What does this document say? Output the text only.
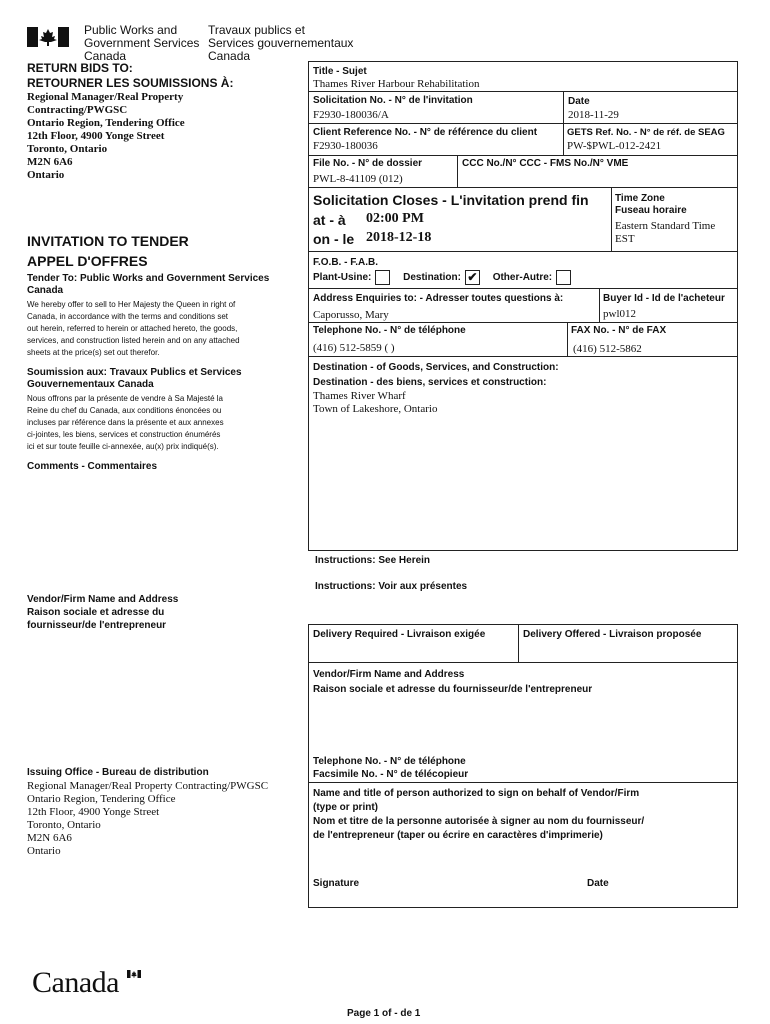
Public Works and
Government Services
Canada
Travaux publics et
Services gouvernementaux
Canada
RETURN BIDS TO:
RETOURNER LES SOUMISSIONS À:
Regional Manager/Real Property
Contracting/PWGSC
Ontario Region, Tendering Office
12th Floor, 4900 Yonge Street
Toronto, Ontario
M2N 6A6
Ontario
INVITATION TO TENDER
APPEL D'OFFRES
Tender To: Public Works and Government Services
Canada
We hereby offer to sell to Her Majesty the Queen in right of
Canada, in accordance with the terms and conditions set
out herein, referred to herein or attached hereto, the goods,
services, and construction listed herein and on any attached
sheets at the price(s) set out therefor.
Soumission aux: Travaux Publics et Services
Gouvernementaux Canada
Nous offrons par la présente de vendre à Sa Majesté la
Reine du chef du Canada, aux conditions énoncées ou
incluses par référence dans la présente et aux annexes
ci-jointes, les biens, services et construction énumérés
ici et sur toute feuille ci-annexée, au(x) prix indiqué(s).
Comments - Commentaires
Vendor/Firm Name and Address
Raison sociale et adresse du
fournisseur/de l'entrepreneur
Issuing Office - Bureau de distribution
Regional Manager/Real Property Contracting/PWGSC
Ontario Region, Tendering Office
12th Floor, 4900 Yonge Street
Toronto, Ontario
M2N 6A6
Ontario
Title - Sujet
Thames River Harbour Rehabilitation
Solicitation No. - N° de l'invitation
F2930-180036/A
Date
2018-11-29
Client Reference No. - N° de référence du client
F2930-180036
GETS Ref. No. - N° de réf. de SEAG
PW-$PWL-012-2421
File No. - N° de dossier
PWL-8-41109 (012)
CCC No./N° CCC - FMS No./N° VME
Solicitation Closes - L'invitation prend fin
at - à 02:00 PM
on - le 2018-12-18
Time Zone
Fuseau horaire
Eastern Standard Time
EST
F.O.B. - F.A.B.
Plant-Usine:	Destination: ✔ Other-Autre:
Address Enquiries to: - Adresser toutes questions à:
Caporusso, Mary
Buyer Id - Id de l'acheteur
pwl012
Telephone No. - N° de téléphone
(416) 512-5859 ( )
FAX No. - N° de FAX
(416) 512-5862
Destination - of Goods, Services, and Construction:
Destination - des biens, services et construction:
Thames River Wharf
Town of Lakeshore, Ontario
Instructions: See Herein
Instructions: Voir aux présentes
Delivery Required - Livraison exigée	Delivery Offered - Livraison proposée
Vendor/Firm Name and Address
Raison sociale et adresse du fournisseur/de l'entrepreneur
Telephone No. - N° de téléphone
Facsimile No. - N° de télécopieur
Name and title of person authorized to sign on behalf of Vendor/Firm
(type or print)
Nom et titre de la personne autorisée à signer au nom du fournisseur/
de l'entrepreneur (taper ou écrire en caractères d'imprimerie)
Signature	Date
Canada
Page 1 of - de 1
